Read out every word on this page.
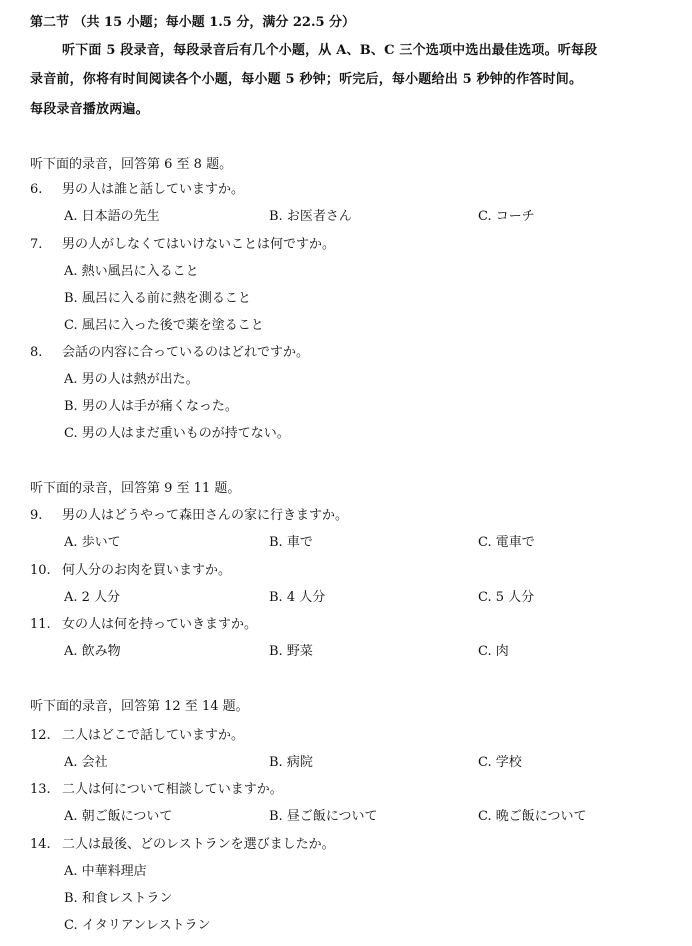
第二节 （共 15 小题；每小题 1.5 分，满分 22.5 分）
听下面 5 段录音，每段录音后有几个小题，从 A、B、C 三个选项中选出最佳选项。听每段
录音前，你将有时间阅读各个小题，每小题 5 秒钟；听完后，每小题给出 5 秒钟的作答时间。
每段录音播放两遍。
听下面的录音，回答第 6 至 8 题。
6. 男の人は誰と話していますか。
A. 日本語の先生	B. お医者さん	C. コーチ
7. 男の人がしなくてはいけないことは何ですか。
A. 熱い風呂に入ること
B. 風呂に入る前に熱を測ること
C. 風呂に入った後で薬を塗ること
8. 会話の内容に合っているのはどれですか。
A. 男の人は熱が出た。
B. 男の人は手が痛くなった。
C. 男の人はまだ重いものが持てない。
听下面的录音，回答第 9 至 11 题。
9. 男の人はどうやって森田さんの家に行きますか。
A. 歩いて	B. 車で	C. 電車で
10. 何人分のお肉を買いますか。
A. 2 人分	B. 4 人分	C. 5 人分
11. 女の人は何を持っていきますか。
A. 飲み物	B. 野菜	C. 肉
听下面的录音，回答第 12 至 14 题。
12. 二人はどこで話していますか。
A. 会社	B. 病院	C. 学校
13. 二人は何について相談していますか。
A. 朝ご飯について	B. 昼ご飯について	C. 晩ご飯について
14. 二人は最後、どのレストランを選びましたか。
A. 中華料理店
B. 和食レストラン
C. イタリアンレストラン
